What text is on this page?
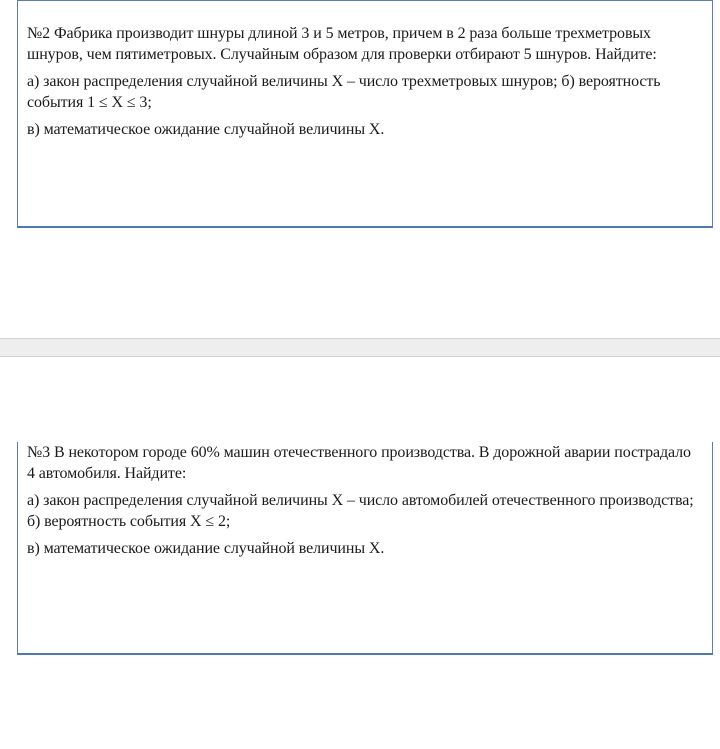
№2 Фабрика производит шнуры длиной 3 и 5 метров, причем в 2 раза больше трехметровых шнуров, чем пятиметровых. Случайным образом для проверки отбирают 5 шнуров. Найдите:

а) закон распределения случайной величины X – число трехметровых шнуров; б) вероятность события 1 ≤ X ≤ 3;

в) математическое ожидание случайной величины X.

№3 В некотором городе 60% машин отечественного производства. В дорожной аварии пострадало 4 автомобиля. Найдите:

а) закон распределения случайной величины X – число автомобилей отечественного производства; б) вероятность события X ≤ 2;

в) математическое ожидание случайной величины X.
